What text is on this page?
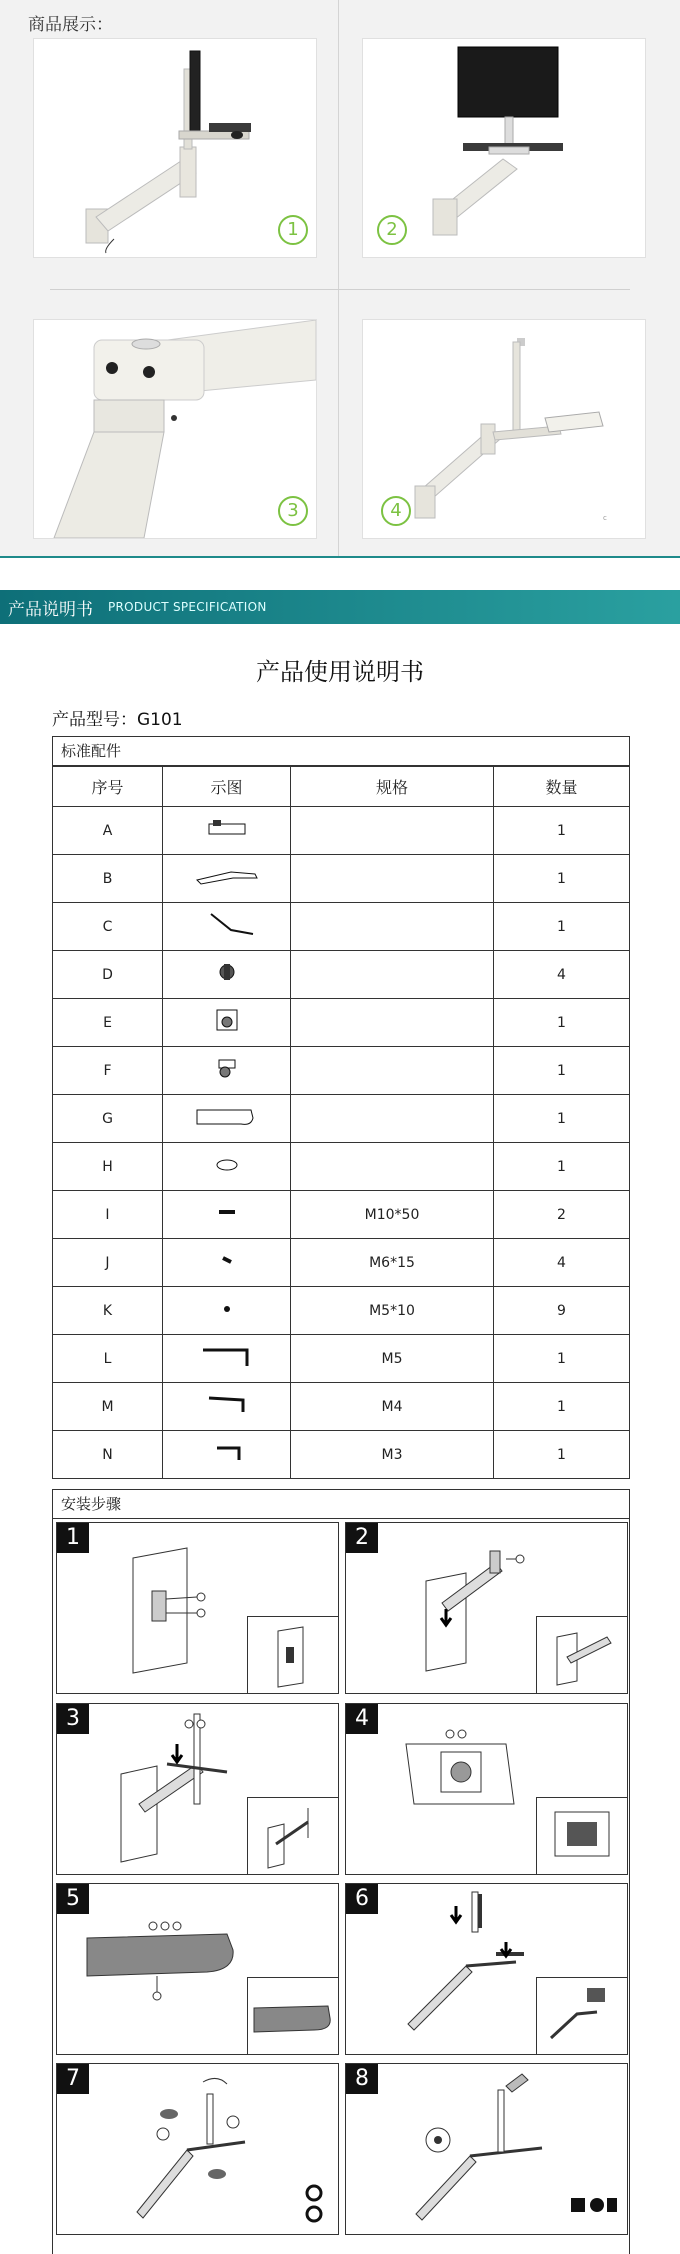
商品展示：
1	2
3	c
4
产品说明书 PRODUCT SPECIFICATION
产品使用说明书
产品型号：G101
标准配件
序号	示图	规格	数量
A			1
B			1
C			1
D			4
E			1
F			1
G			1
H			1
I		M10*50	2
J		M6*15	4
K		M5*10	9
L		M5	1
M		M4	1
N		M3	1
安装步骤
1	2
3	4
5	6
7	8
